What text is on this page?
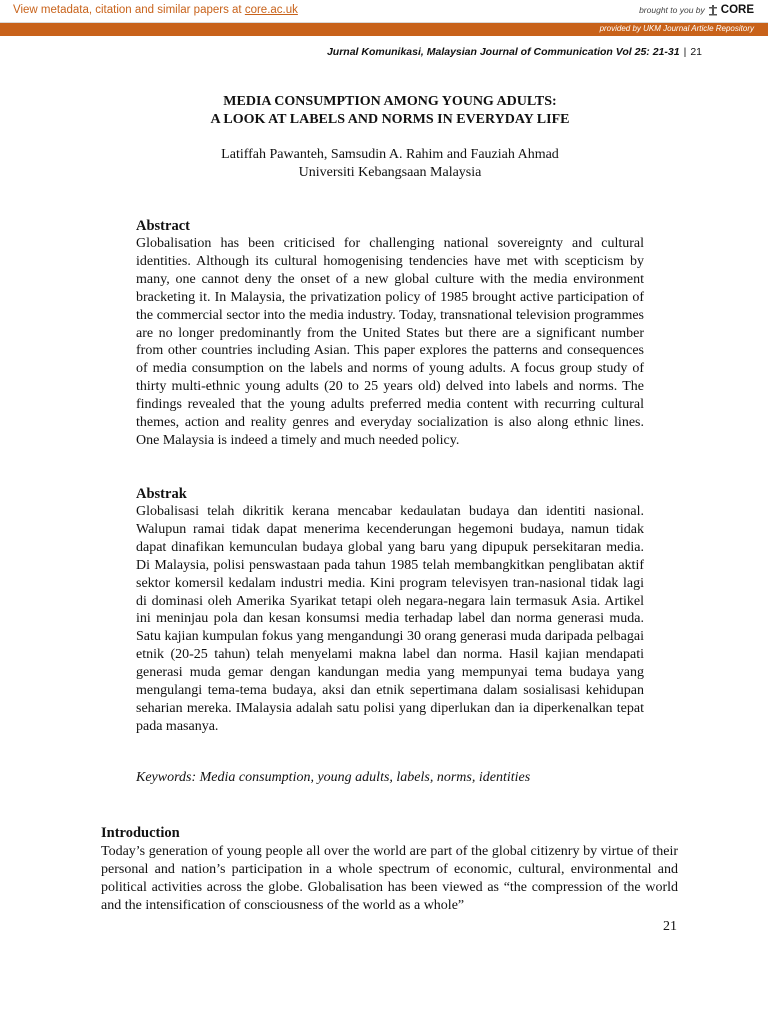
View metadata, citation and similar papers at core.ac.uk	brought to you by CORE
provided by UKM Journal Article Repository
Jurnal Komunikasi, Malaysian Journal of Communication Vol 25: 21-31 | 21
MEDIA CONSUMPTION AMONG YOUNG ADULTS:
A LOOK AT LABELS AND NORMS IN EVERYDAY LIFE
Latiffah Pawanteh, Samsudin A. Rahim and Fauziah Ahmad
Universiti Kebangsaan Malaysia
Abstract
Globalisation has been criticised for challenging national sovereignty and cultural identities. Although its cultural homogenising tendencies have met with scepticism by many, one cannot deny the onset of a new global culture with the media environment bracketing it. In Malaysia, the privatization policy of 1985 brought active participation of the commercial sector into the media industry. Today, transnational television programmes are no longer predominantly from the United States but there are a significant number from other countries including Asian. This paper explores the patterns and consequences of media consumption on the labels and norms of young adults. A focus group study of thirty multi-ethnic young adults (20 to 25 years old) delved into labels and norms. The findings revealed that the young adults preferred media content with recurring cultural themes, action and reality genres and everyday socialization is also along ethnic lines. One Malaysia is indeed a timely and much needed policy.
Abstrak
Globalisasi telah dikritik kerana mencabar kedaulatan budaya dan identiti nasional. Walupun ramai tidak dapat menerima kecenderungan hegemoni budaya, namun tidak dapat dinafikan kemunculan budaya global yang baru yang dipupuk persekitaran media. Di Malaysia, polisi penswastaan pada tahun 1985 telah membangkitkan penglibatan aktif sektor komersil kedalam industri media. Kini program televisyen tran-nasional tidak lagi di dominasi oleh Amerika Syarikat tetapi oleh negara-negara lain termasuk Asia. Artikel ini meninjau pola dan kesan konsumsi media terhadap label dan norma generasi muda. Satu kajian kumpulan fokus yang mengandungi 30 orang generasi muda daripada pelbagai etnik (20-25 tahun) telah menyelami makna label dan norma. Hasil kajian mendapati generasi muda gemar dengan kandungan media yang mempunyai tema budaya yang mengulangi tema-tema budaya, aksi dan etnik sepertimana dalam sosialisasi kehidupan seharian mereka. IMalaysia adalah satu polisi yang diperlukan dan ia diperkenalkan tepat pada masanya.
Keywords: Media consumption, young adults, labels, norms, identities
Introduction
Today’s generation of young people all over the world are part of the global citizenry by virtue of their personal and nation’s participation in a whole spectrum of economic, cultural, environmental and political activities across the globe. Globalisation has been viewed as “the compression of the world and the intensification of consciousness of the world as a whole”
21
